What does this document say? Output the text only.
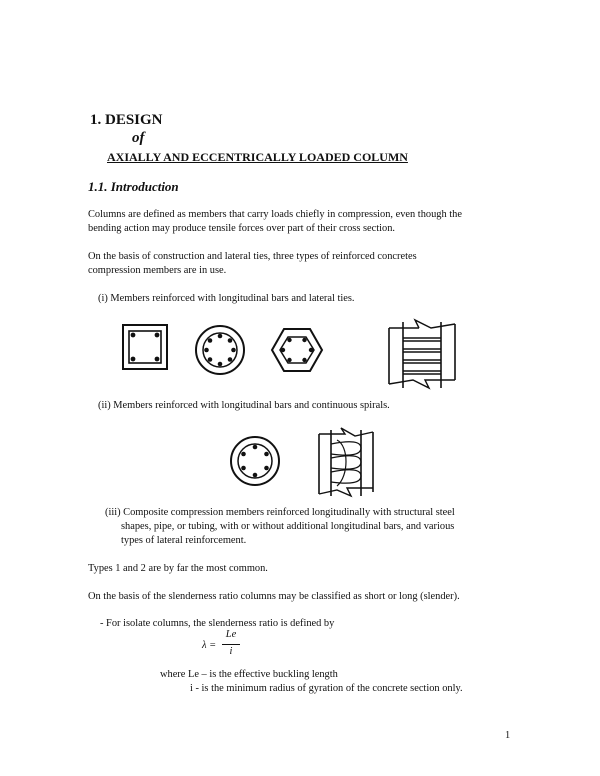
1. DESIGN
of
AXIALLY AND ECCENTRICALLY LOADED COLUMN
1.1. Introduction
Columns are defined as members that carry loads chiefly in compression, even though the
bending action may produce tensile forces over part of their cross section.
On the basis of construction and lateral ties, three types of reinforced concretes
compression members are in use.
(i) Members reinforced with longitudinal bars and lateral ties.
(ii) Members reinforced with longitudinal bars and continuous spirals.
(iii) Composite compression members reinforced longitudinally with structural steel
shapes, pipe, or tubing, with or without additional longitudinal bars, and various
types of lateral reinforcement.
Types 1 and 2 are by far the most common.
On the basis of the slenderness ratio columns may be classified as short or long (slender).
- For isolate columns, the slenderness ratio is defined by
λ =
Le
i
where Le – is the effective buckling length
i - is the minimum radius of gyration of the concrete section only.
1
